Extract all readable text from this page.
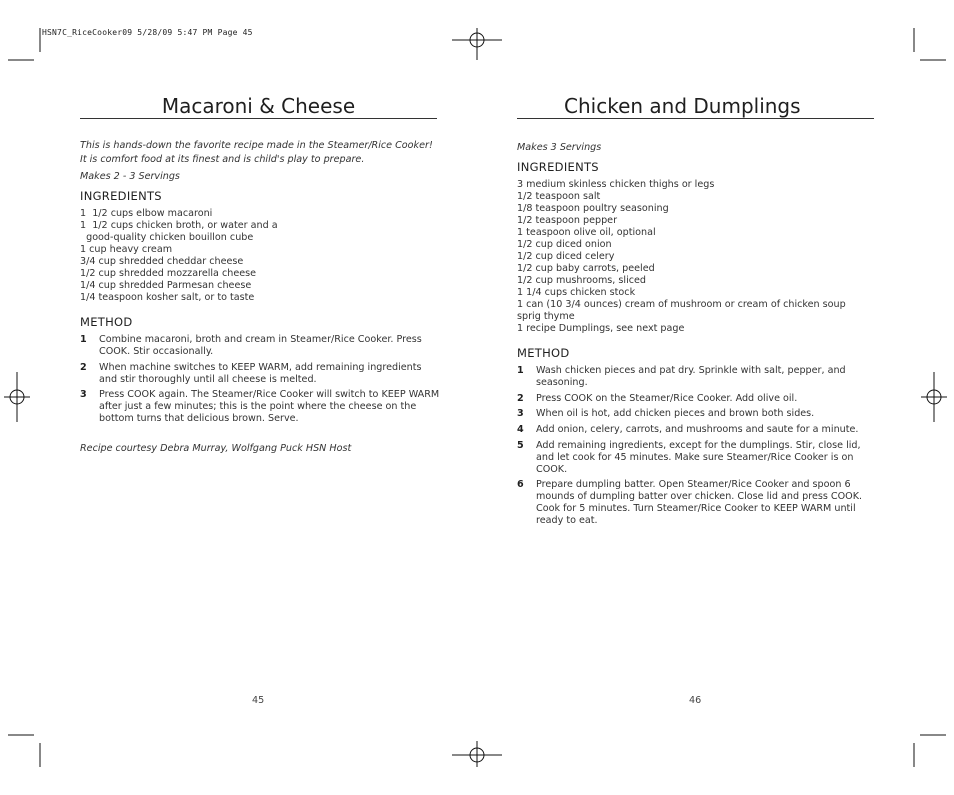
HSN7C_RiceCooker09 5/28/09 5:47 PM Page 45
Macaroni & Cheese

This is hands-down the favorite recipe made in the Steamer/Rice Cooker! It is comfort food at its finest and is child's play to prepare.

Makes 2 - 3 Servings

INGREDIENTS
1  1/2 cups elbow macaroni
1  1/2 cups chicken broth, or water and a
good-quality chicken bouillon cube
1 cup heavy cream
3/4 cup shredded cheddar cheese
1/2 cup shredded mozzarella cheese
1/4 cup shredded Parmesan cheese
1/4 teaspoon kosher salt, or to taste
METHOD
1	Combine macaroni, broth and cream in Steamer/Rice Cooker. Press COOK. Stir occasionally.
2	When machine switches to KEEP WARM, add remaining ingredients and stir thoroughly until all cheese is melted.
3	Press COOK again. The Steamer/Rice Cooker will switch to KEEP WARM after just a few minutes; this is the point where the cheese on the bottom turns that delicious brown. Serve.

Recipe courtesy Debra Murray, Wolfgang Puck HSN Host

Chicken and Dumplings

Makes 3 Servings

INGREDIENTS
3 medium skinless chicken thighs or legs
1/2 teaspoon salt
1/8 teaspoon poultry seasoning
1/2 teaspoon pepper
1 teaspoon olive oil, optional
1/2 cup diced onion
1/2 cup diced celery
1/2 cup baby carrots, peeled
1/2 cup mushrooms, sliced
1 1/4 cups chicken stock
1 can (10 3/4 ounces) cream of mushroom or cream of chicken soup
sprig thyme
1 recipe Dumplings, see next page
METHOD
1	Wash chicken pieces and pat dry. Sprinkle with salt, pepper, and seasoning.
2	Press COOK on the Steamer/Rice Cooker. Add olive oil.
3	When oil is hot, add chicken pieces and brown both sides.
4	Add onion, celery, carrots, and mushrooms and saute for a minute.
5	Add remaining ingredients, except for the dumplings. Stir, close lid, and let cook for 45 minutes. Make sure Steamer/Rice Cooker is on COOK.
6	Prepare dumpling batter. Open Steamer/Rice Cooker and spoon 6 mounds of dumpling batter over chicken. Close lid and press COOK. Cook for 5 minutes. Turn Steamer/Rice Cooker to KEEP WARM until ready to eat.
45	46
